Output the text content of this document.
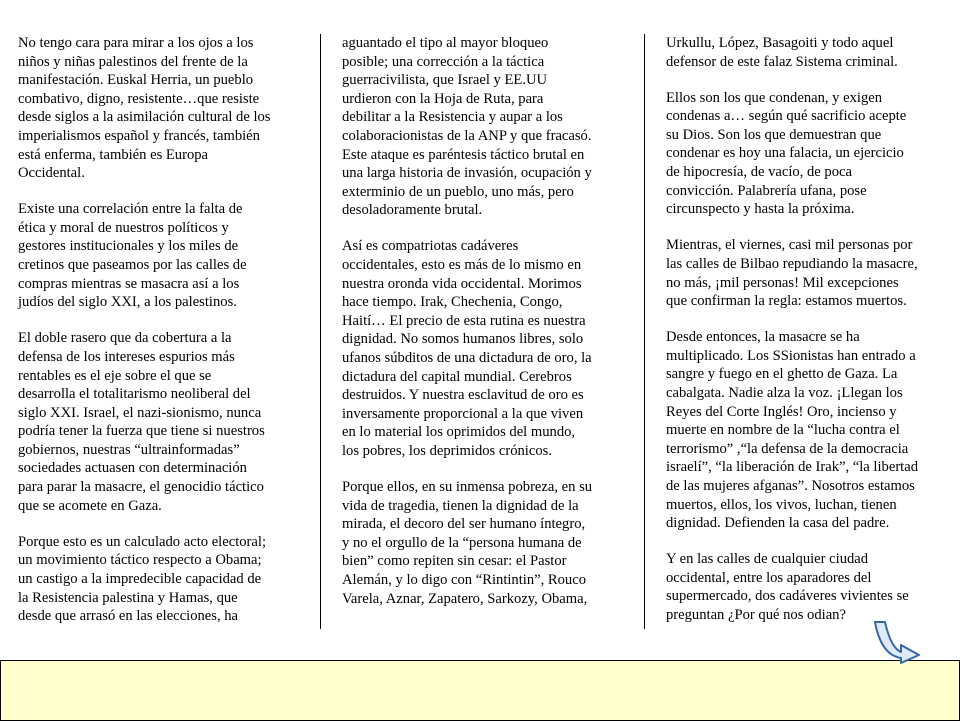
No tengo cara para mirar a los ojos a los
niños y niñas palestinos del frente de la
manifestación. Euskal Herria, un pueblo
combativo, digno, resistente…que resiste
desde siglos a la asimilación cultural de los
imperialismos español y francés, también
está enferma, también es Europa
Occidental.

Existe una correlación entre la falta de
ética y moral de nuestros políticos y
gestores institucionales y los miles de
cretinos que paseamos por las calles de
compras mientras se masacra así a los
judíos del siglo XXI, a los palestinos.

El doble rasero que da cobertura a la
defensa de los intereses espurios más
rentables es el eje sobre el que se
desarrolla el totalitarismo neoliberal del
siglo XXI. Israel, el nazi-sionismo, nunca
podría tener la fuerza que tiene si nuestros
gobiernos, nuestras “ultrainformadas”
sociedades actuasen con determinación
para parar la masacre, el genocidio táctico
que se acomete en Gaza.

Porque esto es un calculado acto electoral;
un movimiento táctico respecto a Obama;
un castigo a la impredecible capacidad de
la Resistencia palestina y Hamas, que
desde que arrasó en las elecciones, ha

aguantado el tipo al mayor bloqueo
posible; una corrección a la táctica
guerracivilista, que Israel y EE.UU
urdieron con la Hoja de Ruta, para
debilitar a la Resistencia y aupar a los
colaboracionistas de la ANP y que fracasó.
Este ataque es paréntesis táctico brutal en
una larga historia de invasión, ocupación y
exterminio de un pueblo, uno más, pero
desoladoramente brutal.

Así es compatriotas cadáveres
occidentales, esto es más de lo mismo en
nuestra oronda vida occidental. Morimos
hace tiempo. Irak, Chechenia, Congo,
Haití… El precio de esta rutina es nuestra
dignidad. No somos humanos libres, solo
ufanos súbditos de una dictadura de oro, la
dictadura del capital mundial. Cerebros
destruidos. Y nuestra esclavitud de oro es
inversamente proporcional a la que viven
en lo material los oprimidos del mundo,
los pobres, los deprimidos crónicos.

Porque ellos, en su inmensa pobreza, en su
vida de tragedia, tienen la dignidad de la
mirada, el decoro del ser humano íntegro,
y no el orgullo de la “persona humana de
bien” como repiten sin cesar: el Pastor
Alemán, y lo digo con “Rintintin”, Rouco
Varela, Aznar, Zapatero, Sarkozy, Obama,

Urkullu, López, Basagoiti y todo aquel
defensor de este falaz Sistema criminal.

Ellos son los que condenan, y exigen
condenas a… según qué sacrificio acepte
su Dios. Son los que demuestran que
condenar es hoy una falacia, un ejercicio
de hipocresía, de vacío, de poca
convicción. Palabrería ufana, pose
circunspecto y hasta la próxima.

Mientras, el viernes, casi mil personas por
las calles de Bilbao repudiando la masacre,
no más, ¡mil personas! Mil excepciones
que confirman la regla: estamos muertos.

Desde entonces, la masacre se ha
multiplicado. Los SSionistas han entrado a
sangre y fuego en el ghetto de Gaza. La
cabalgata. Nadie alza la voz. ¡Llegan los
Reyes del Corte Inglés! Oro, incienso y
muerte en nombre de la “lucha contra el
terrorismo” ,“la defensa de la democracia
israelí”, “la liberación de Irak”, “la libertad
de las mujeres afganas”. Nosotros estamos
muertos, ellos, los vivos, luchan, tienen
dignidad. Defienden la casa del padre.

Y en las calles de cualquier ciudad
occidental, entre los aparadores del
supermercado, dos cadáveres vivientes se
preguntan ¿Por qué nos odian?
